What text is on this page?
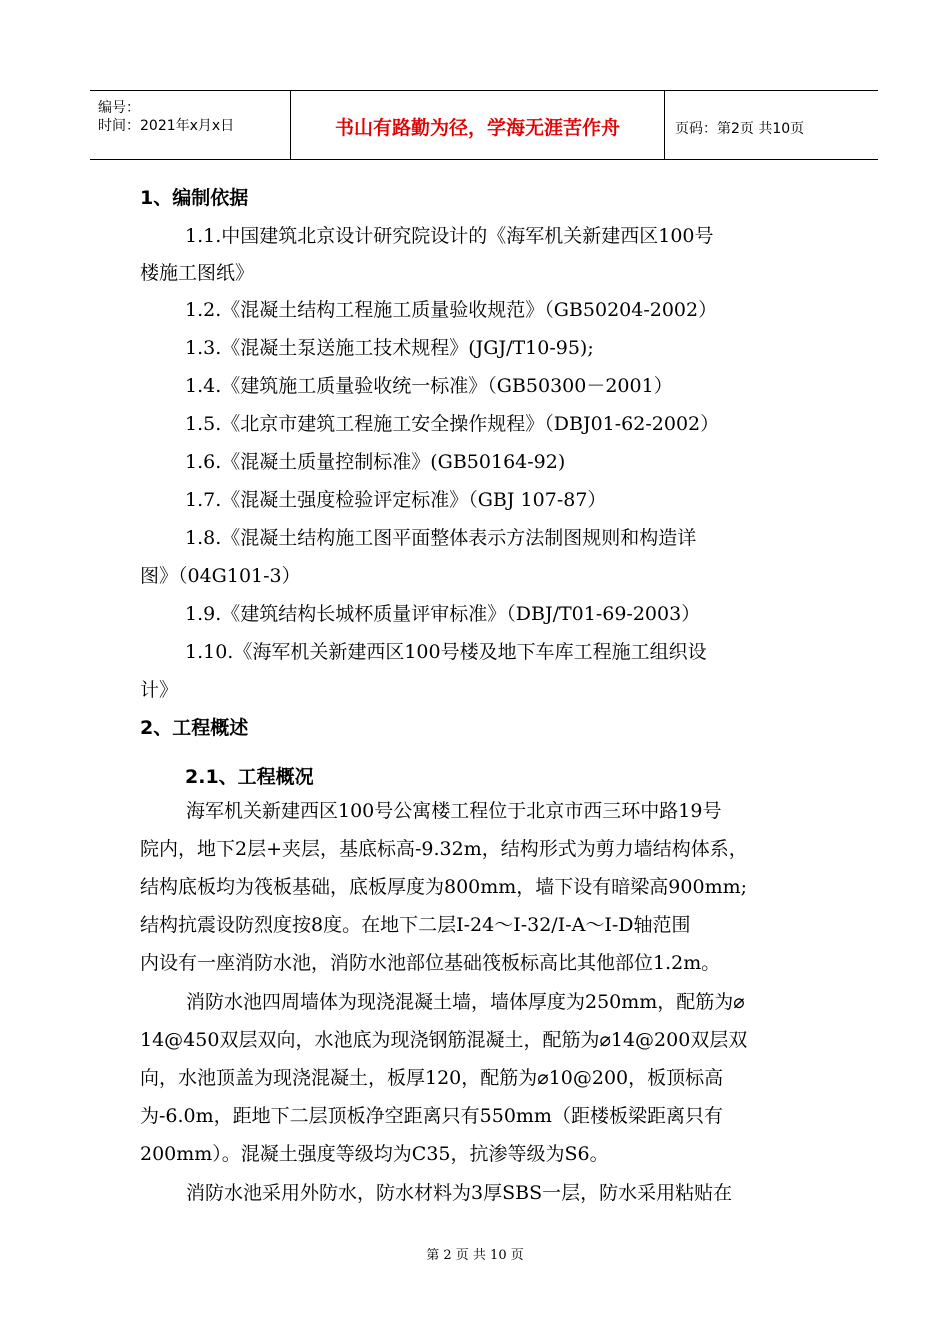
编号：
时间：2021年x月x日	书山有路勤为径，学海无涯苦作舟	页码：第2页 共10页
1、编制依据
1.1.中国建筑北京设计研究院设计的《海军机关新建西区100号
楼施工图纸》
1.2.《混凝土结构工程施工质量验收规范》（GB50204-2002）
1.3.《混凝土泵送施工技术规程》(JGJ/T10-95);
1.4.《建筑施工质量验收统一标准》（GB50300－2001）
1.5.《北京市建筑工程施工安全操作规程》（DBJ01-62-2002）
1.6.《混凝土质量控制标准》(GB50164-92)
1.7.《混凝土强度检验评定标准》（GBJ 107-87）
1.8.《混凝土结构施工图平面整体表示方法制图规则和构造详
图》（04G101-3）
1.9.《建筑结构长城杯质量评审标准》（DBJ/T01-69-2003）
1.10.《海军机关新建西区100号楼及地下车库工程施工组织设
计》
2、工程概述
2.1、工程概况
海军机关新建西区100号公寓楼工程位于北京市西三环中路19号
院内，地下2层+夹层，基底标高-9.32m，结构形式为剪力墙结构体系，
结构底板均为筏板基础，底板厚度为800mm，墙下设有暗梁高900mm;
结构抗震设防烈度按8度。在地下二层I-24～I-32/I-A～I-D轴范围
内设有一座消防水池，消防水池部位基础筏板标高比其他部位1.2m。
消防水池四周墙体为现浇混凝土墙，墙体厚度为250mm，配筋为⌀
14@450双层双向，水池底为现浇钢筋混凝土，配筋为⌀14@200双层双
向，水池顶盖为现浇混凝土，板厚120，配筋为⌀10@200，板顶标高
为-6.0m，距地下二层顶板净空距离只有550mm（距楼板梁距离只有
200mm）。混凝土强度等级均为C35，抗渗等级为S6。
消防水池采用外防水，防水材料为3厚SBS一层，防水采用粘贴在
第 2 页 共 10 页
